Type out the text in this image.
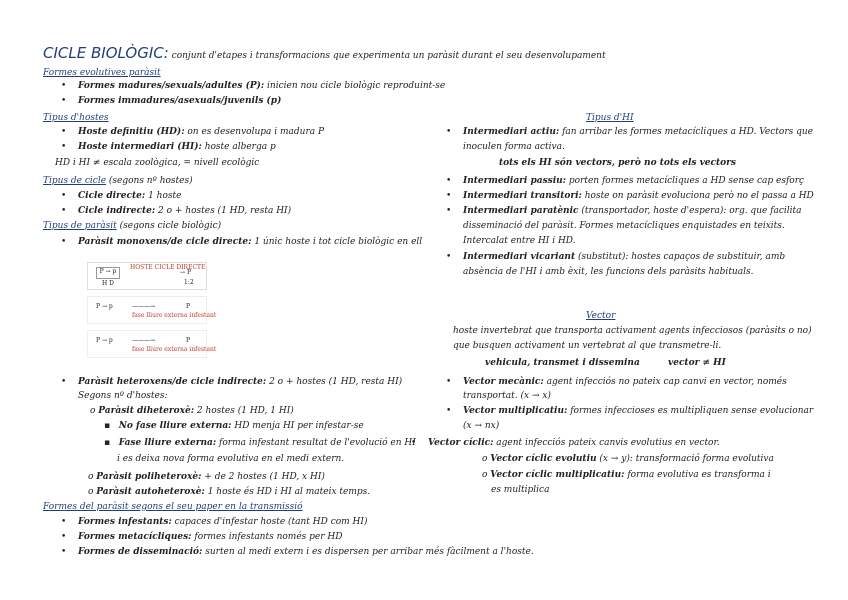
CICLE BIOLÒGIC: conjunt d'etapes i transformacions que experimenta un paràsit durant el seu desenvolupament
Formes evolutives paràsit
• Formes madures/sexuals/adultes (P): inicien nou cicle biològic reproduint-se
• Formes immadures/asexuals/juvenils (p)
Tipus d'hostes
• Hoste definitiu (HD): on es desenvolupa i madura P
• Hoste intermediari (HI): hoste alberga p
HD i HI ≠ escala zoològica, = nivell ecològic
Tipus de cicle (segons nº hostes)
• Cicle directe: 1 hoste
• Cicle indirecte: 2 o + hostes (1 HD, resta HI)
Tipus de paràsit (segons cicle biològic)
• Paràsit monoxens/de cicle directe: 1 únic hoste i tot cicle biològic en ell
P → p
H D
HOSTE CICLE DIRECTE
→ P
1:2
P → p	———→	P
fase lliure externa infestant
P → p	———→	P
fase lliure externa infestant
• Paràsit heteroxens/de cicle indirecte: 2 o + hostes (1 HD, resta HI)
Segons nº d'hostes:
o Paràsit diheteroxè: 2 hostes (1 HD, 1 HI)
▪   No fase lliure externa: HD menja HI per infestar-se
▪   Fase lliure externa: forma infestant resultat de l'evolució en HI
i es deixa nova forma evolutiva en el medi extern.
o Paràsit poliheteroxè: + de 2 hostes (1 HD, x HI)
o Paràsit autoheteroxè: 1 hoste és HD i HI al mateix temps.
Formes del paràsit segons el seu paper en la transmissió
• Formes infestants: capaces d'infestar hoste (tant HD com HI)
• Formes metacícliques: formes infestants només per HD
• Formes de disseminació: surten al medi extern i es dispersen per arribar més fàcilment a l'hoste.
Tipus d'HI
• Intermediari actiu: fan arribar les formes metacícliques a HD. Vectors que
inoculen forma activa.
tots els HI són vectors, però no tots els vectors
• Intermediari passiu: porten formes metacícliques a HD sense cap esforç
• Intermediari transitori: hoste on paràsit evoluciona però no el passa a HD
• Intermediari paratènic (transportador, hoste d'espera): org. que facilita
disseminació del paràsit. Formes metacícliques enquistades en teixits.
Intercalat entre HI i HD.
• Intermediari vicariant (substitut): hostes capaços de substituir, amb
absència de l'HI i amb èxit, les funcions dels paràsits habituals.
Vector
hoste invertebrat que transporta activament agents infecciosos (paràsits o no)
que busquen activament un vertebrat al que transmetre-li.
vehicula, transmet i dissemina	vector ≠ HI
• Vector mecànic: agent infecciós no pateix cap canvi en vector, només
transportat. (x → x)
• Vector multiplicatiu: formes infeccioses es multipliquen sense evolucionar
(x → nx)
• Vector cíclic: agent infecciós pateix canvis evolutius en vector.
o Vector cíclic evolutiu (x → y): transformació forma evolutiva
o Vector cíclic multiplicatiu: forma evolutiva es transforma i
es multiplica
